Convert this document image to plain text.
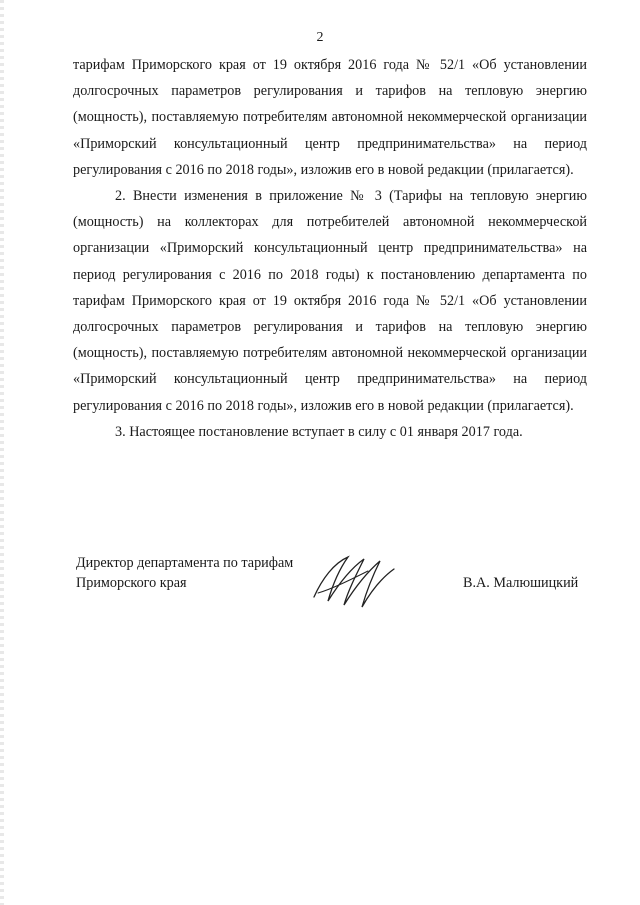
2

тарифам Приморского края от 19 октября 2016 года № 52/1 «Об установлении долгосрочных параметров регулирования и тарифов на тепловую энергию (мощность), поставляемую потребителям автономной некоммерческой организации «Приморский консультационный центр предпринимательства» на период регулирования с 2016 по 2018 годы», изложив его в новой редакции (прилагается).

2. Внести изменения в приложение № 3 (Тарифы на тепловую энергию (мощность) на коллекторах для потребителей автономной некоммерческой организации «Приморский консультационный центр предпринимательства» на период регулирования с 2016 по 2018 годы) к постановлению департамента по тарифам Приморского края от 19 октября 2016 года № 52/1 «Об установлении долгосрочных параметров регулирования и тарифов на тепловую энергию (мощность), поставляемую потребителям автономной некоммерческой организации «Приморский консультационный центр предпринимательства» на период регулирования с 2016 по 2018 годы», изложив его в новой редакции (прилагается).

3. Настоящее постановление вступает в силу с 01 января 2017 года.

Директор департамента по тарифам
Приморского края	В.А. Малюшицкий
